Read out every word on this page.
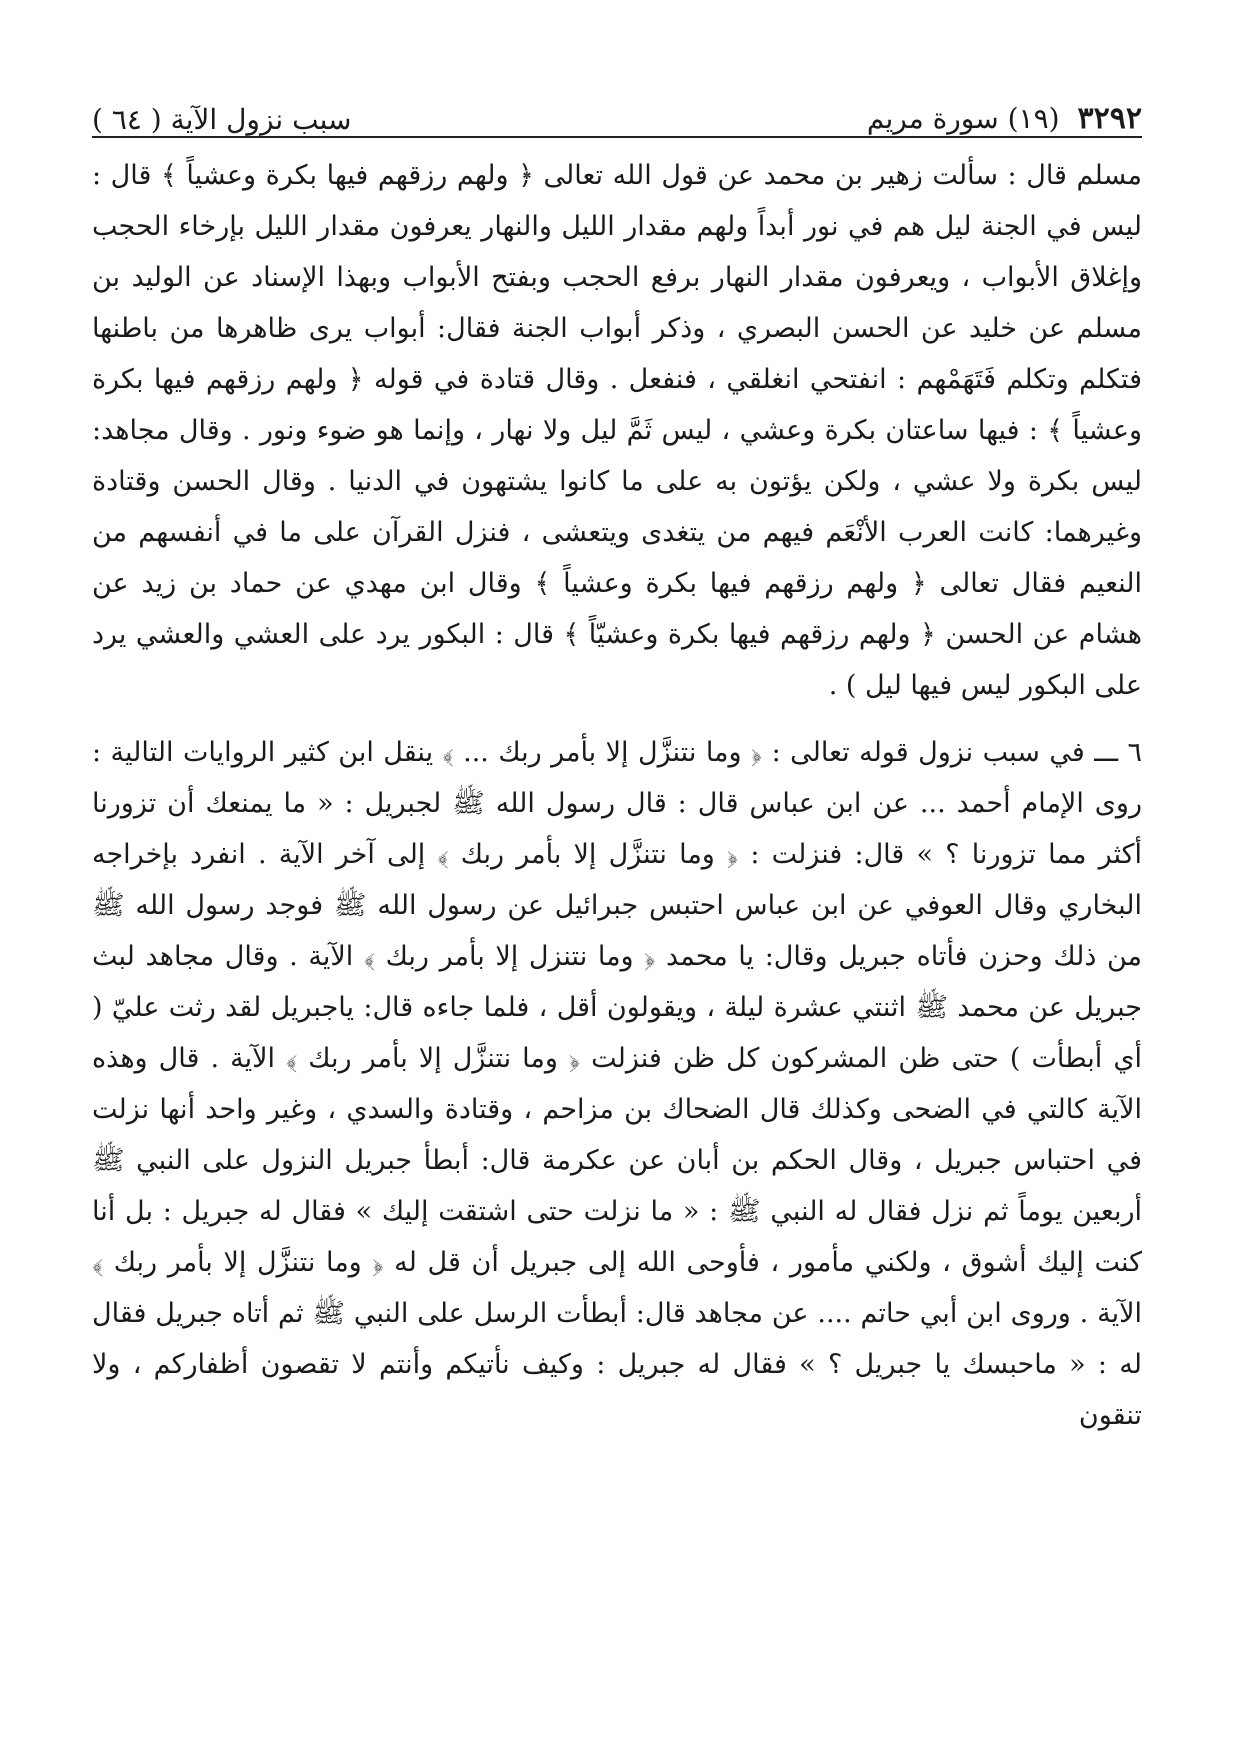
٣٢٩٢
(١٩) سورة مريم
سبب نزول الآية ( ٦٤ )

مسلم قال : سألت زهير بن محمد عن قول الله تعالى ﴿ ولهم رزقهم فيها بكرة وعشياً ﴾ قال : ليس في الجنة ليل هم في نور أبداً ولهم مقدار الليل والنهار يعرفون مقدار الليل بإرخاء الحجب وإغلاق الأبواب ، ويعرفون مقدار النهار برفع الحجب وبفتح الأبواب وبهذا الإسناد عن الوليد بن مسلم عن خليد عن الحسن البصري ، وذكر أبواب الجنة فقال: أبواب يرى ظاهرها من باطنها فتكلم وتكلم فَتَهَمْهم : انفتحي انغلقي ، فنفعل . وقال قتادة في قوله ﴿ ولهم رزقهم فيها بكرة وعشياً ﴾ : فيها ساعتان بكرة وعشي ، ليس ثَمَّ ليل ولا نهار ، وإنما هو ضوء ونور . وقال مجاهد: ليس بكرة ولا عشي ، ولكن يؤتون به على ما كانوا يشتهون في الدنيا . وقال الحسن وقتادة وغيرهما: كانت العرب الأنْعَم فيهم من يتغدى ويتعشى ، فنزل القرآن على ما في أنفسهم من النعيم فقال تعالى ﴿ ولهم رزقهم فيها بكرة وعشياً ﴾ وقال ابن مهدي عن حماد بن زيد عن هشام عن الحسن ﴿ ولهم رزقهم فيها بكرة وعشيّاً ﴾ قال : البكور يرد على العشي والعشي يرد على البكور ليس فيها ليل ) .

٦ ـــ في سبب نزول قوله تعالى : ﴿ وما نتنزَّل إلا بأمر ربك ... ﴾ ينقل ابن كثير الروايات التالية : روى الإمام أحمد ... عن ابن عباس قال : قال رسول الله ﷺ لجبريل : « ما يمنعك أن تزورنا أكثر مما تزورنا ؟ » قال: فنزلت : ﴿ وما نتنزَّل إلا بأمر ربك ﴾ إلى آخر الآية . انفرد بإخراجه البخاري وقال العوفي عن ابن عباس احتبس جبرائيل عن رسول الله ﷺ فوجد رسول الله ﷺ من ذلك وحزن فأتاه جبريل وقال: يا محمد ﴿ وما نتنزل إلا بأمر ربك ﴾ الآية . وقال مجاهد لبث جبريل عن محمد ﷺ اثنتي عشرة ليلة ، ويقولون أقل ، فلما جاءه قال: ياجبريل لقد رثت عليّ ( أي أبطأت ) حتى ظن المشركون كل ظن فنزلت ﴿ وما نتنزَّل إلا بأمر ربك ﴾ الآية . قال وهذه الآية كالتي في الضحى وكذلك قال الضحاك بن مزاحم ، وقتادة والسدي ، وغير واحد أنها نزلت في احتباس جبريل ، وقال الحكم بن أبان عن عكرمة قال: أبطأ جبريل النزول على النبي ﷺ أربعين يوماً ثم نزل فقال له النبي ﷺ : « ما نزلت حتى اشتقت إليك » فقال له جبريل : بل أنا كنت إليك أشوق ، ولكني مأمور ، فأوحى الله إلى جبريل أن قل له ﴿ وما نتنزَّل إلا بأمر ربك ﴾ الآية . وروى ابن أبي حاتم .... عن مجاهد قال: أبطأت الرسل على النبي ﷺ ثم أتاه جبريل فقال له : « ماحبسك يا جبريل ؟ » فقال له جبريل : وكيف نأتيكم وأنتم لا تقصون أظفاركم ، ولا تنقون
